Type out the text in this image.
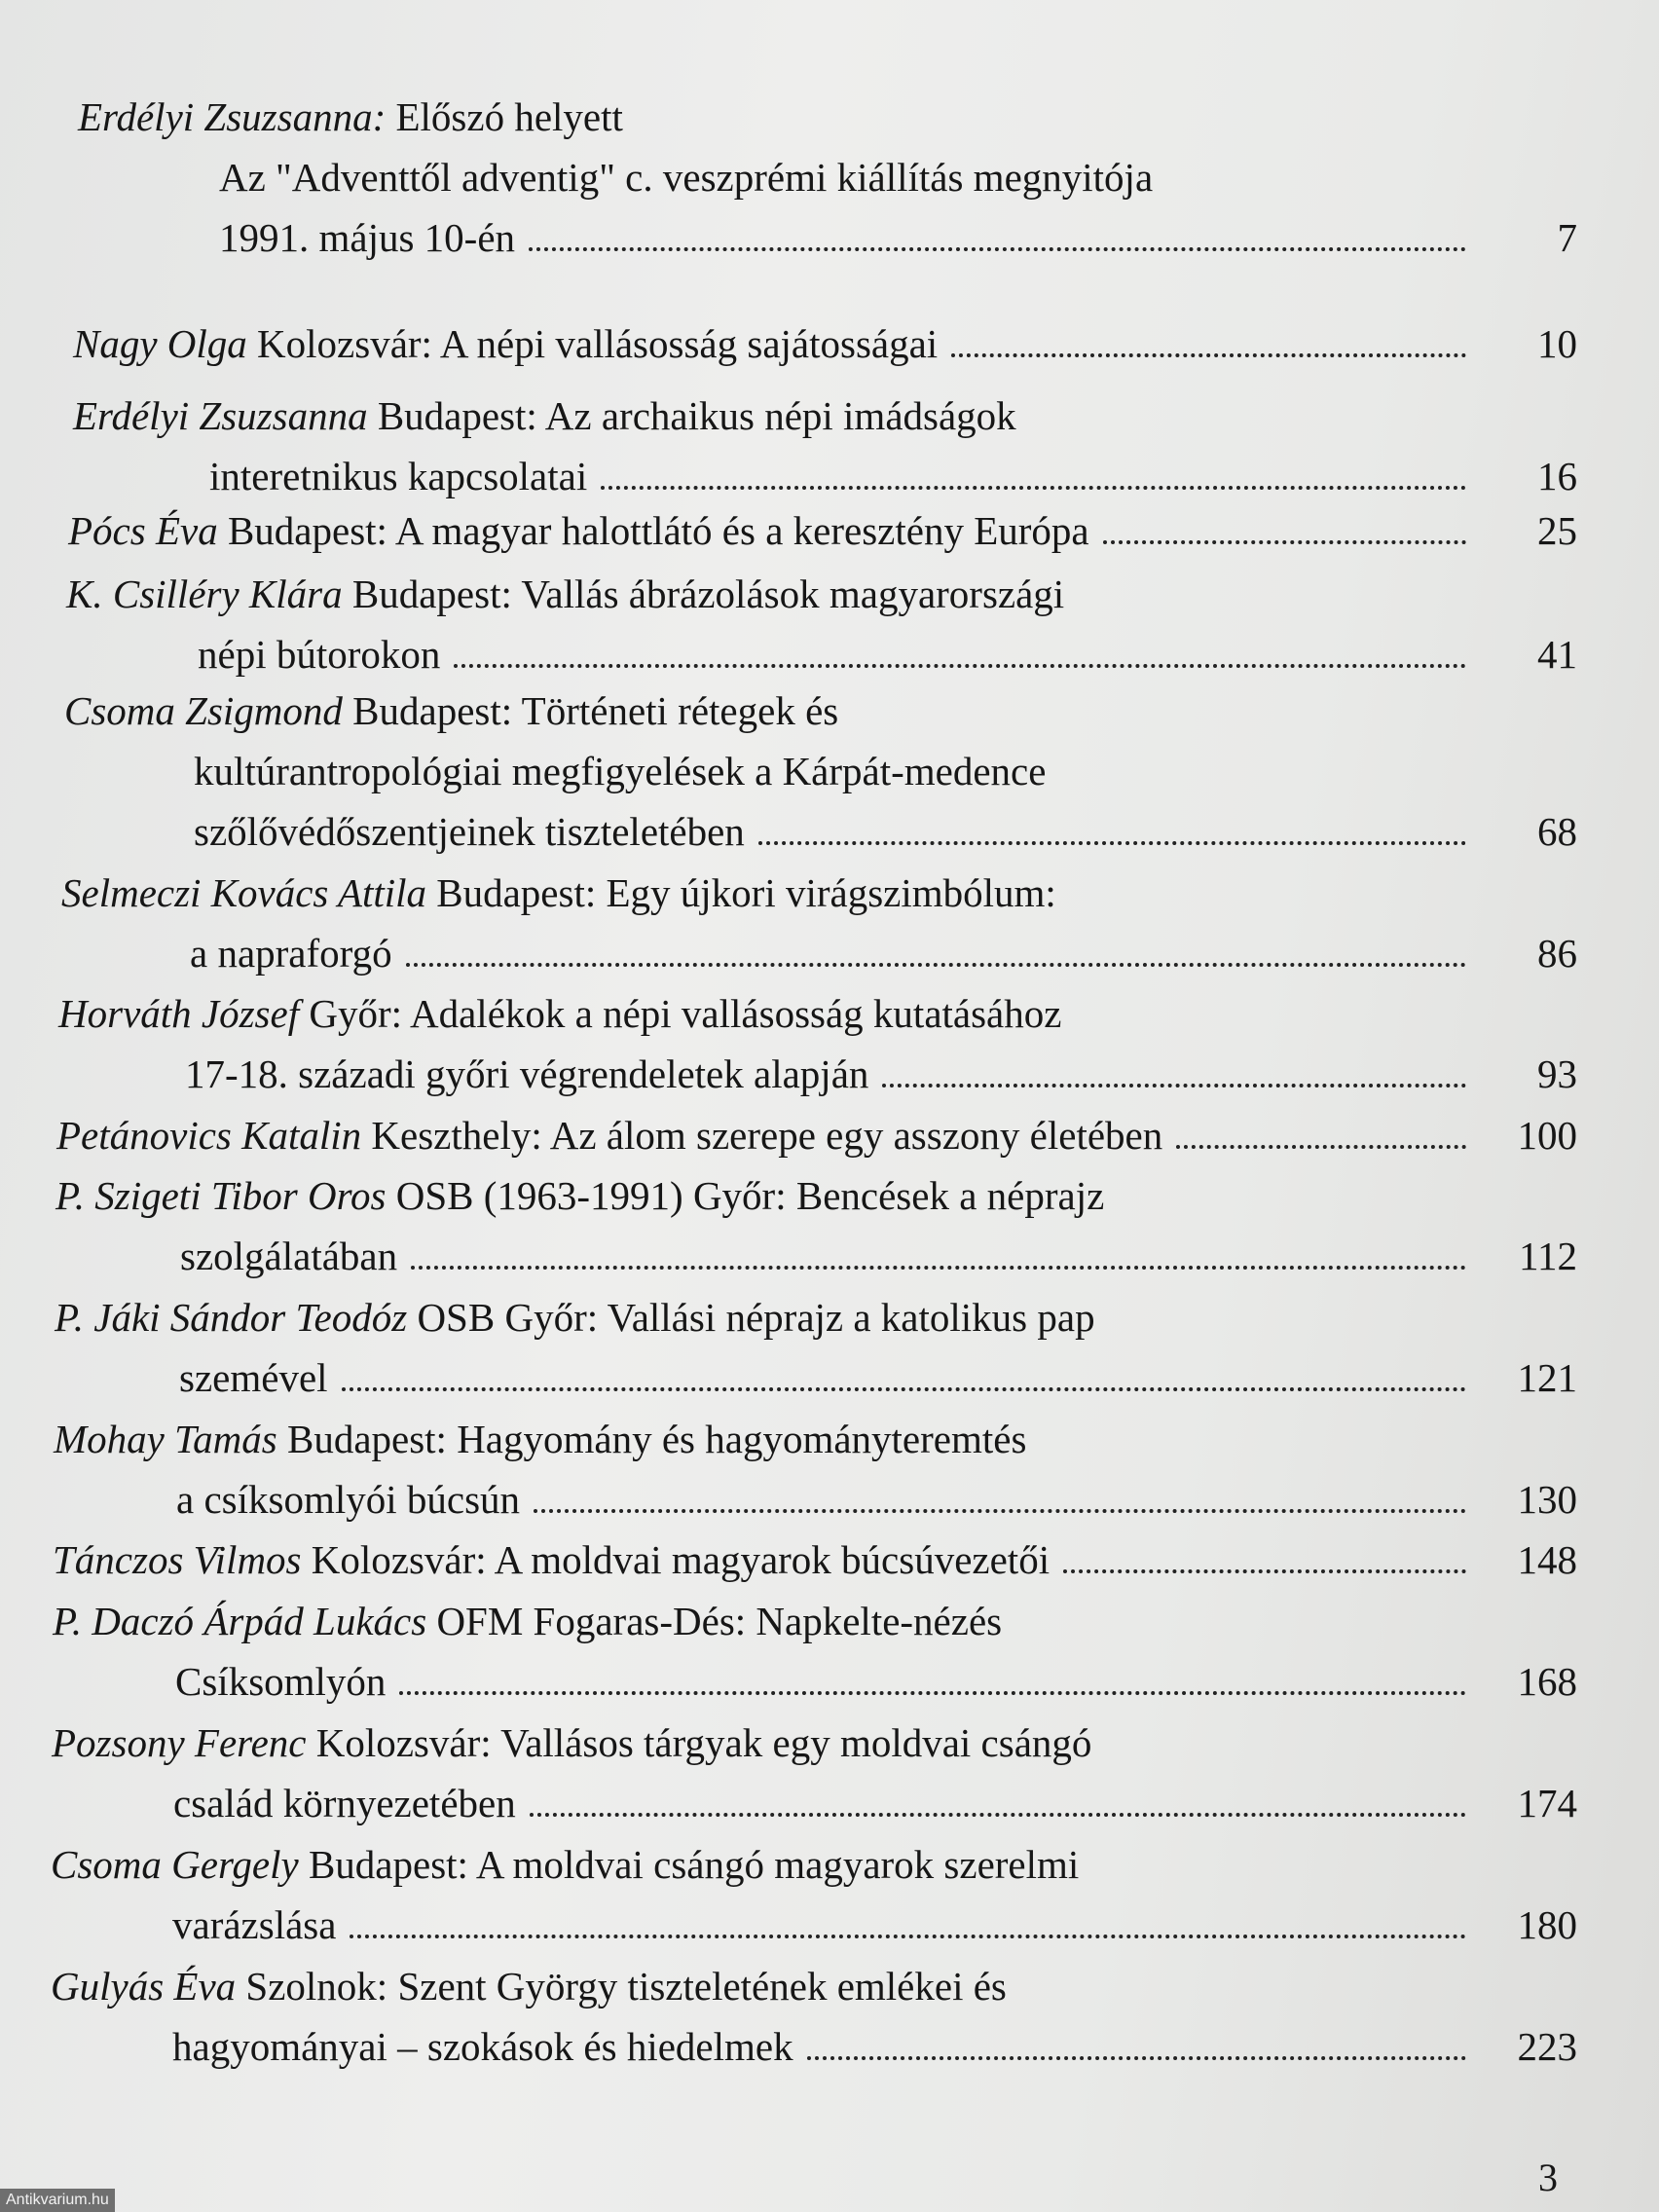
Erdélyi Zsuzsanna:
Előszó helyett
Az "Adventtől adventig" c. veszprémi kiállítás megnyitója
1991. május 10-én	7
Nagy Olga
Kolozsvár: A népi vallásosság sajátosságai	10
Erdélyi Zsuzsanna
Budapest: Az archaikus népi imádságok
interetnikus kapcsolatai	16
Pócs Éva
Budapest: A magyar halottlátó és a keresztény Európa	25
K. Csilléry Klára
Budapest: Vallás ábrázolások magyarországi
népi bútorokon	41
Csoma Zsigmond
Budapest: Történeti rétegek és
kultúrantropológiai megfigyelések a Kárpát-medence
szőlővédőszentjeinek tiszteletében	68
Selmeczi Kovács Attila
Budapest: Egy újkori virágszimbólum:
a napraforgó	86
Horváth József
Győr: Adalékok a népi vallásosság kutatásához
17-18. századi győri végrendeletek alapján	93
Petánovics Katalin
Keszthely: Az álom szerepe egy asszony életében	100
P. Szigeti Tibor Oros
OSB (1963-1991) Győr: Bencések a néprajz
szolgálatában	112
P. Jáki Sándor Teodóz
OSB Győr: Vallási néprajz a katolikus pap
szemével	121
Mohay Tamás
Budapest: Hagyomány és hagyományteremtés
a csíksomlyói búcsún	130
Tánczos Vilmos
Kolozsvár: A moldvai magyarok búcsúvezetői	148
P. Daczó Árpád Lukács
OFM Fogaras-Dés: Napkelte-nézés
Csíksomlyón	168
Pozsony Ferenc
Kolozsvár: Vallásos tárgyak egy moldvai csángó
család környezetében	174
Csoma Gergely
Budapest: A moldvai csángó magyarok szerelmi
varázslása	180
Gulyás Éva
Szolnok: Szent György tiszteletének emlékei és
hagyományai – szokások és hiedelmek	223
3
Antikvarium.hu
